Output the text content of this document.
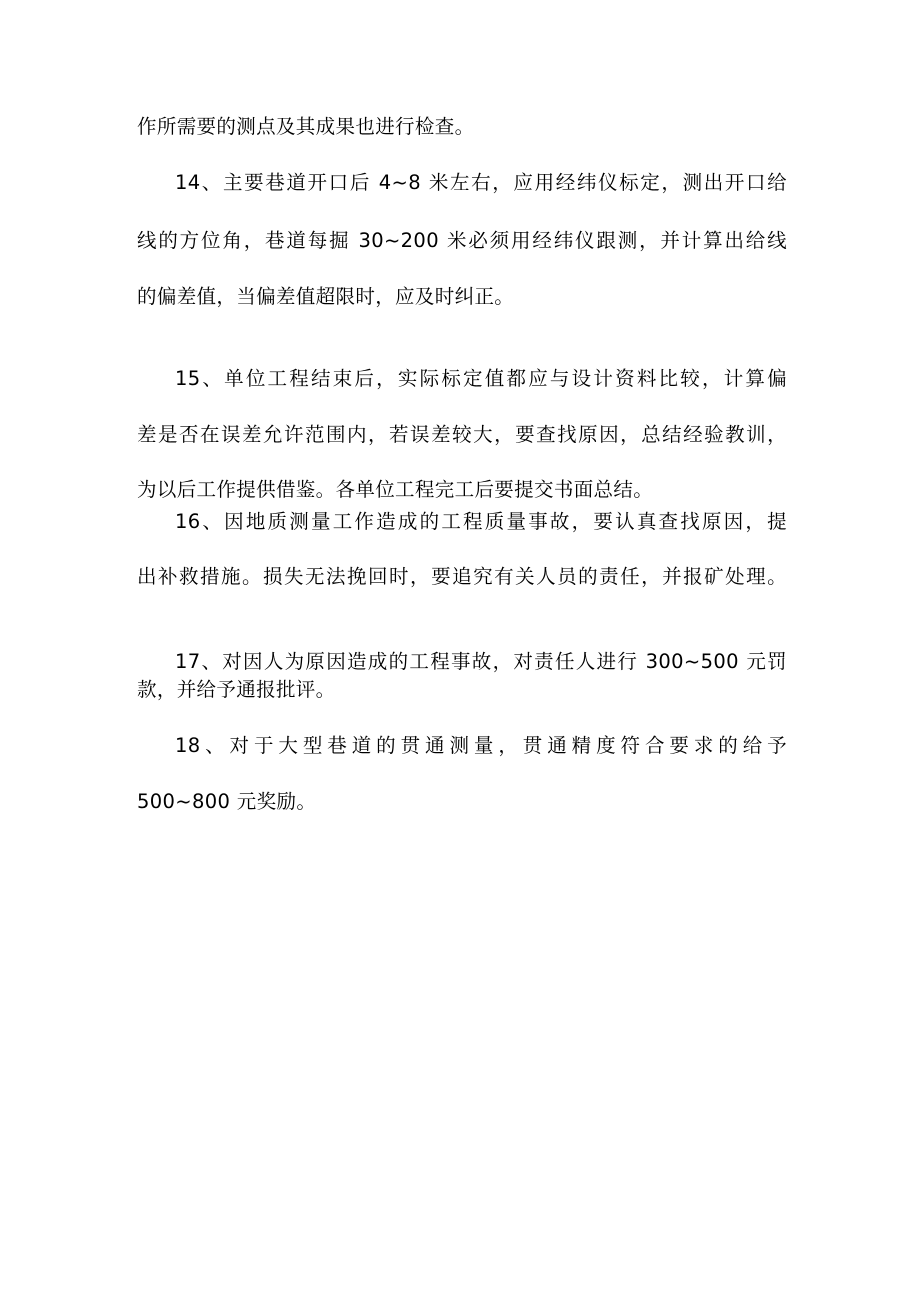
作所需要的测点及其成果也进行检查。
14、主要巷道开口后 4~8 米左右，应用经纬仪标定，测出开口给
线的方位角，巷道每掘 30~200 米必须用经纬仪跟测，并计算出给线
的偏差值，当偏差值超限时，应及时纠正。
15、单位工程结束后，实际标定值都应与设计资料比较，计算偏
差是否在误差允许范围内，若误差较大，要查找原因，总结经验教训，
为以后工作提供借鉴。各单位工程完工后要提交书面总结。
16、因地质测量工作造成的工程质量事故，要认真查找原因，提
出补救措施。损失无法挽回时，要追究有关人员的责任，并报矿处理。
17、对因人为原因造成的工程事故，对责任人进行 300~500 元罚
款，并给予通报批评。
18、对于大型巷道的贯通测量，贯通精度符合要求的给予
500~800 元奖励。
